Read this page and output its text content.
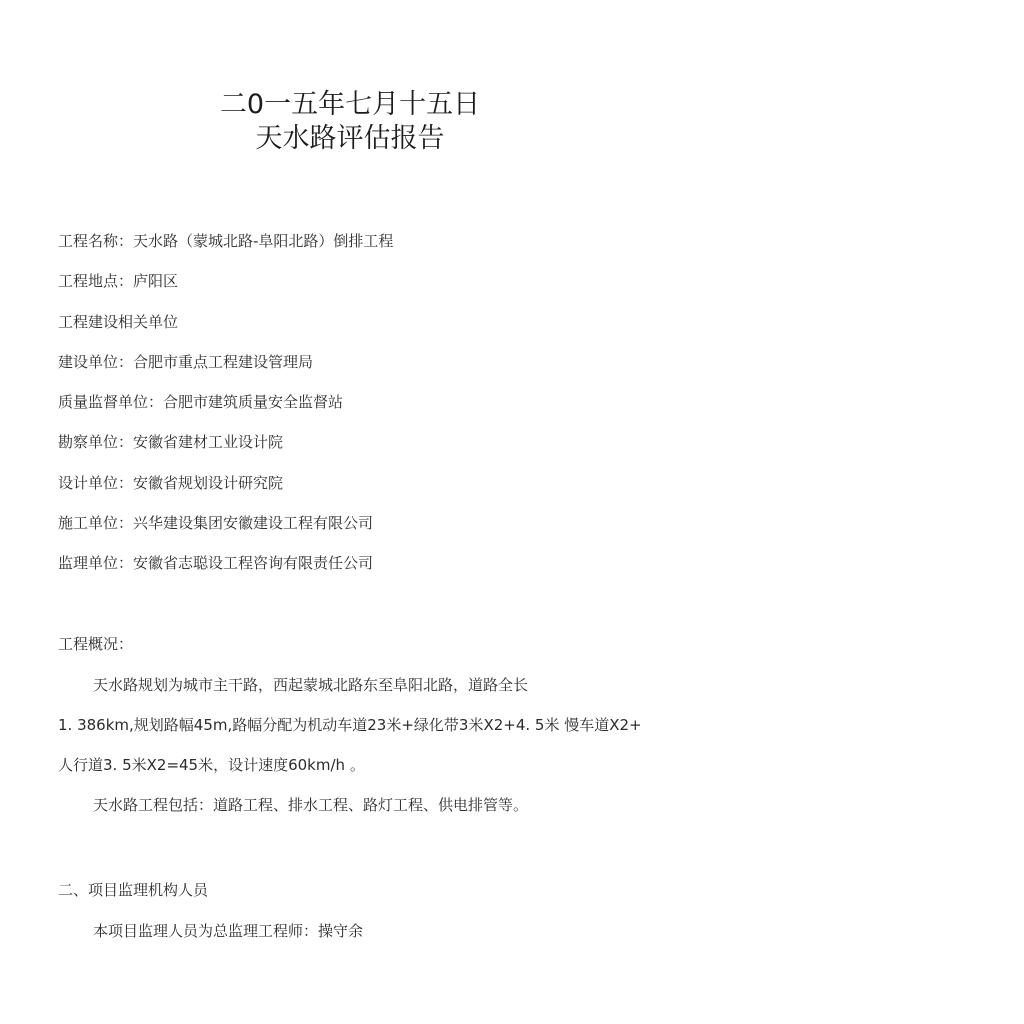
二0一五年七月十五日
天水路评估报告
工程名称：天水路（蒙城北路-阜阳北路）倒排工程
工程地点：庐阳区
工程建设相关单位
建设单位：合肥市重点工程建设管理局
质量监督单位：合肥市建筑质量安全监督站
勘察单位：安徽省建材工业设计院
设计单位：安徽省规划设计研究院
施工单位：兴华建设集团安徽建设工程有限公司
监理单位：安徽省志聪设工程咨询有限责任公司
工程概况：
天水路规划为城市主干路，西起蒙城北路东至阜阳北路，道路全长
1. 386km,规划路幅45m,路幅分配为机动车道23米+绿化带3米X2+4. 5米 慢车道X2+
人行道3. 5米X2=45米，设计速度60km/h 。
天水路工程包括：道路工程、排水工程、路灯工程、供电排管等。
二、项目监理机构人员
本项目监理人员为总监理工程师：操守余
